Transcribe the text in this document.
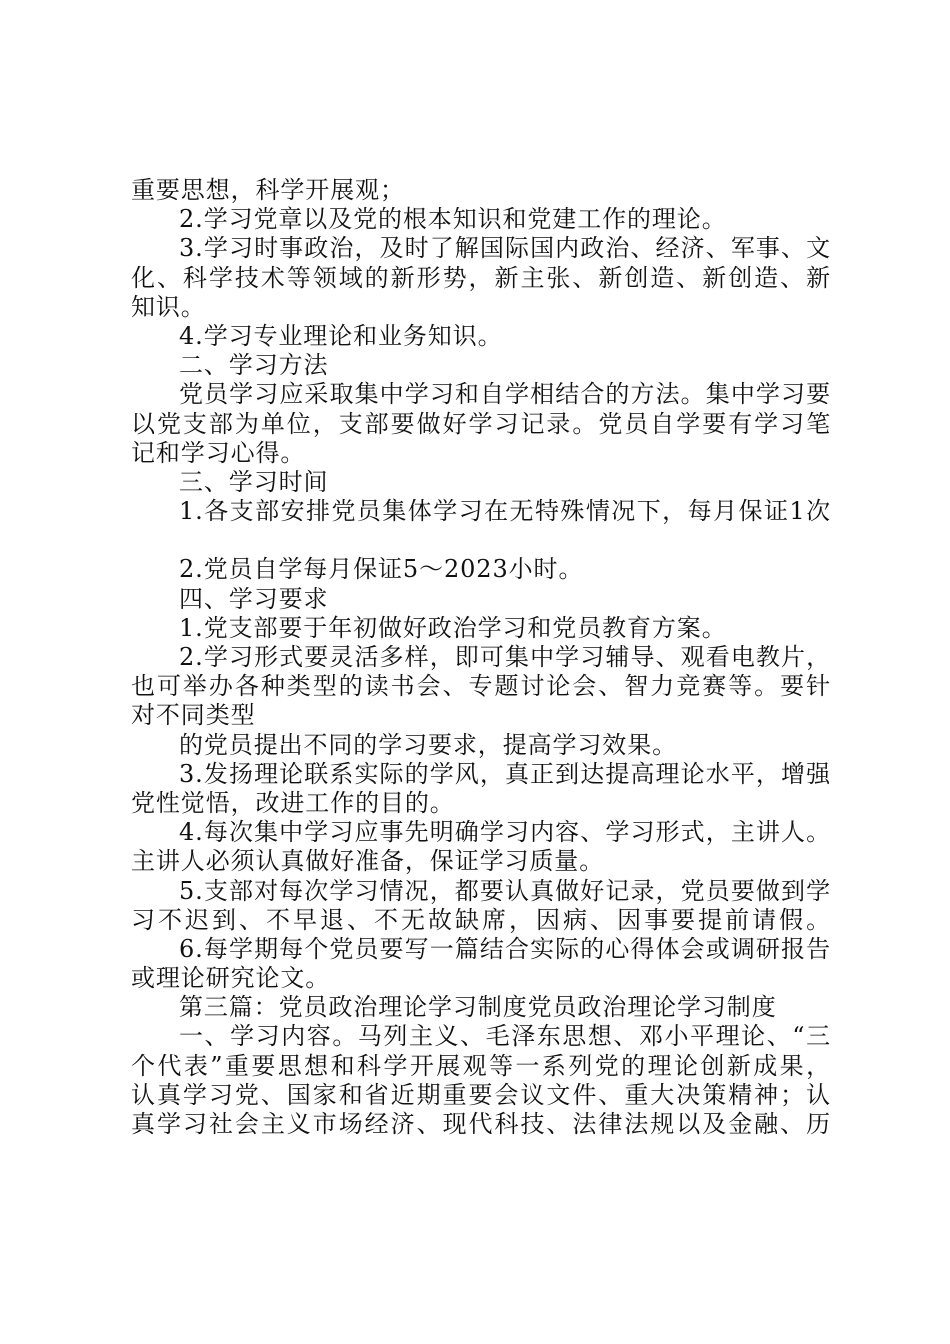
重要思想，科学开展观；
2.学习党章以及党的根本知识和党建工作的理论。
3.学习时事政治，及时了解国际国内政治、经济、军事、文
化、科学技术等领域的新形势，新主张、新创造、新创造、新
知识。
4.学习专业理论和业务知识。
二、学习方法
党员学习应采取集中学习和自学相结合的方法。集中学习要
以党支部为单位，支部要做好学习记录。党员自学要有学习笔
记和学习心得。
三、学习时间
1.各支部安排党员集体学习在无特殊情况下，每月保证1次
2.党员自学每月保证5～2023小时。
四、学习要求
1.党支部要于年初做好政治学习和党员教育方案。
2.学习形式要灵活多样，即可集中学习辅导、观看电教片，
也可举办各种类型的读书会、专题讨论会、智力竞赛等。要针
对不同类型
的党员提出不同的学习要求，提高学习效果。
3.发扬理论联系实际的学风，真正到达提高理论水平，增强
党性觉悟，改进工作的目的。
4.每次集中学习应事先明确学习内容、学习形式，主讲人。
主讲人必须认真做好准备，保证学习质量。
5.支部对每次学习情况，都要认真做好记录，党员要做到学
习不迟到、不早退、不无故缺席，因病、因事要提前请假。
6.每学期每个党员要写一篇结合实际的心得体会或调研报告
或理论研究论文。
第三篇：党员政治理论学习制度党员政治理论学习制度
一、学习内容。马列主义、毛泽东思想、邓小平理论、“三
个代表”重要思想和科学开展观等一系列党的理论创新成果，
认真学习党、国家和省近期重要会议文件、重大决策精神；认
真学习社会主义市场经济、现代科技、法律法规以及金融、历
